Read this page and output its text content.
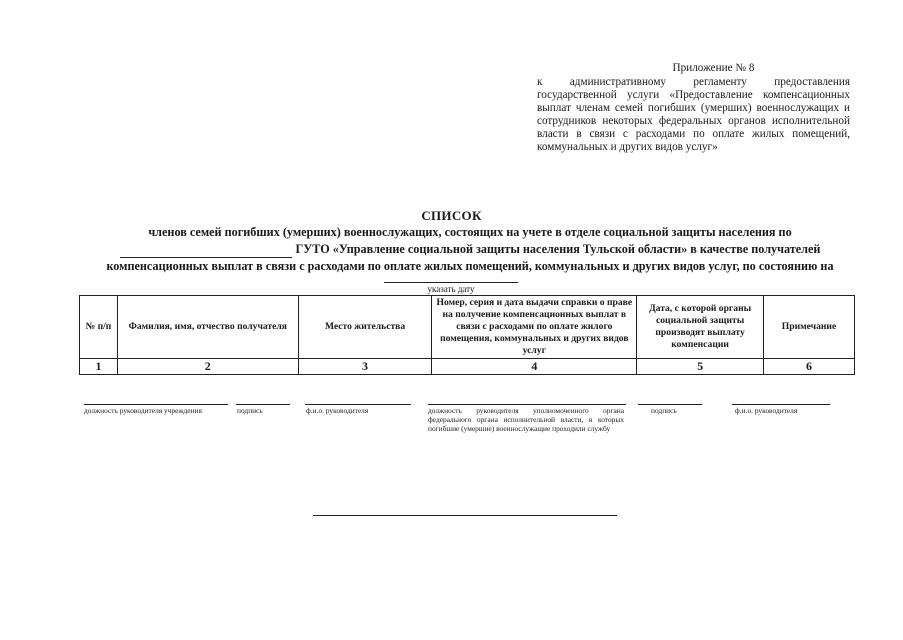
Приложение № 8
к административному регламенту предоставления государственной услуги «Предоставление компенсационных выплат членам семей погибших (умерших) военнослужащих и сотрудников некоторых федеральных органов исполнительной власти в связи с расходами по оплате жилых помещений, коммунальных и других видов услуг»
СПИСОК
членов семей погибших (умерших) военнослужащих, состоящих на учете в отделе социальной защиты населения по
ГУТО «Управление социальной защиты населения Тульской области» в качестве получателей
компенсационных выплат в связи с расходами по оплате жилых помещений, коммунальных и других видов услуг, по состоянию на
указать дату
№ п/п	Фамилия, имя, отчество получателя	Место жительства	Номер, серия и дата выдачи справки о праве на получение компенсационных выплат в связи с расходами по оплате жилого помещения, коммунальных и других видов услуг	Дата, с которой органы социальной защиты производят выплату компенсации	Примечание
1	2	3	4	5	6
должность руководителя учреждения	подпись	ф.и.о. руководителя	должность руководителя уполномоченного органа федерального органа исполнительной власти, в которых погибшие (умершие) военнослужащие проходили службу
подпись	ф.и.о. руководителя
